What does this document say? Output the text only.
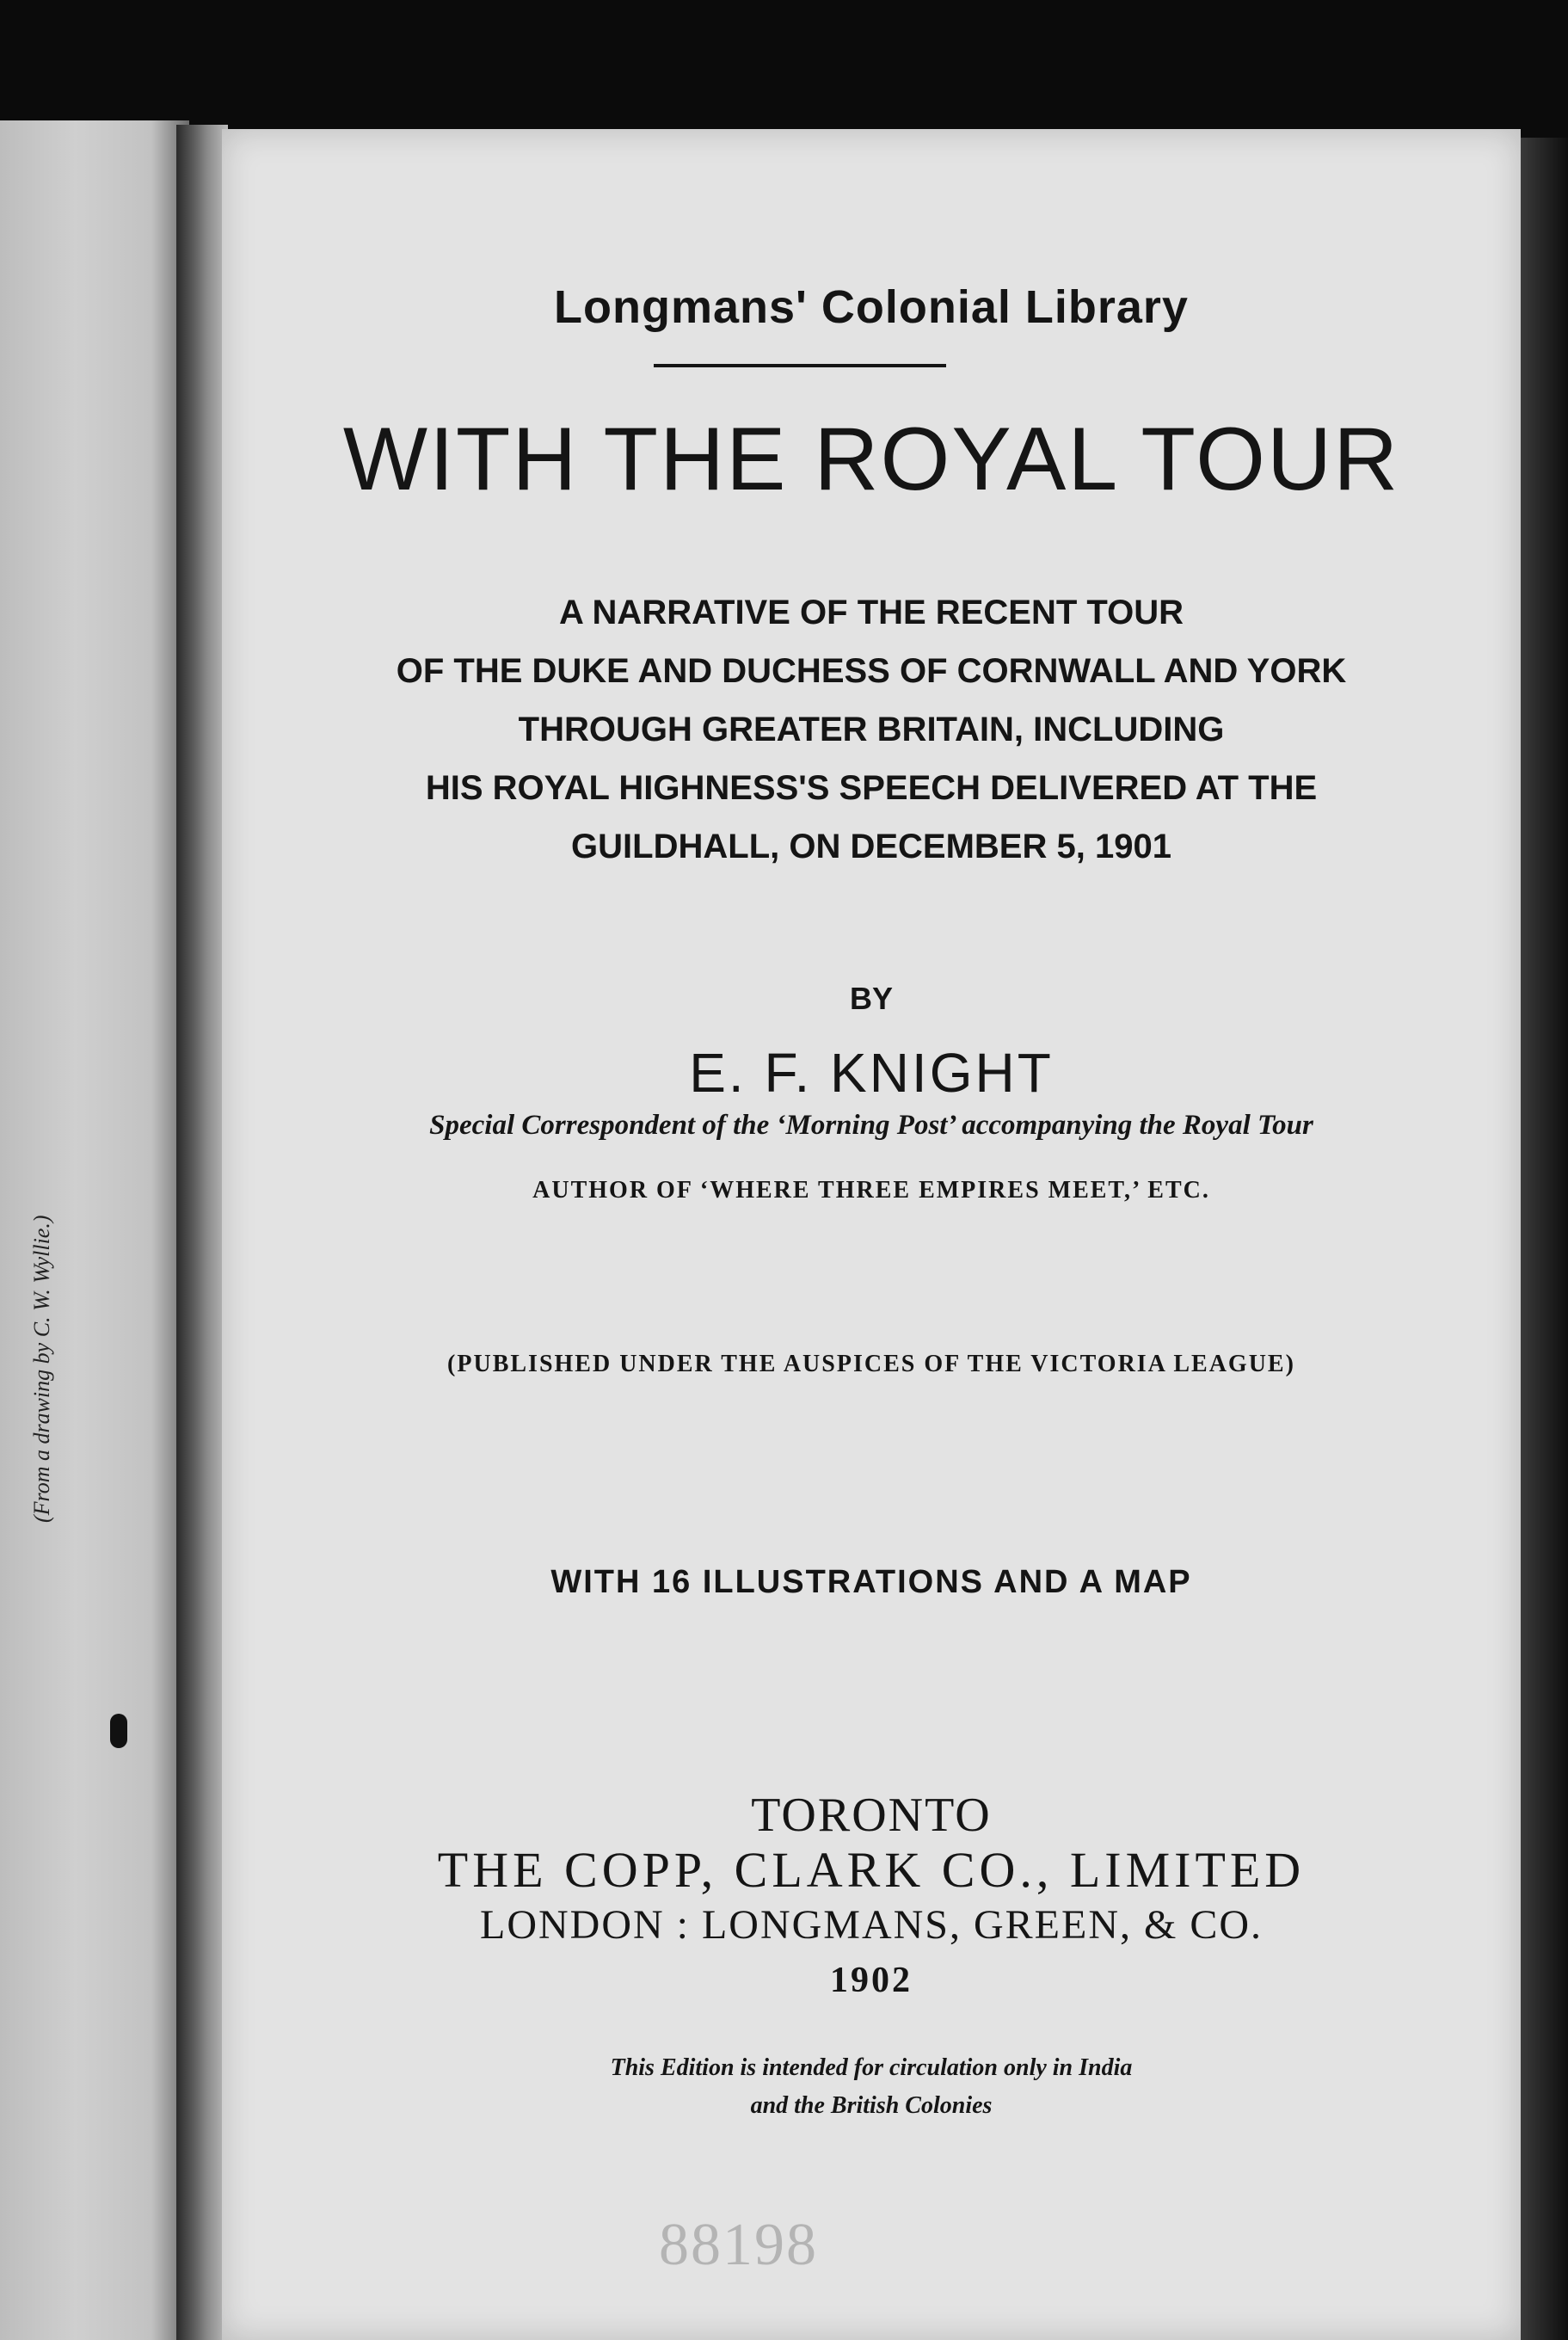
(From a drawing by C. W. Wyllie.)
Longmans' Colonial Library
WITH THE ROYAL TOUR
A NARRATIVE OF THE RECENT TOUR
OF THE DUKE AND DUCHESS OF CORNWALL AND YORK
THROUGH GREATER BRITAIN, INCLUDING
HIS ROYAL HIGHNESS'S SPEECH DELIVERED AT THE
GUILDHALL, ON DECEMBER 5, 1901
BY
E. F. KNIGHT
Special Correspondent of the ‘Morning Post’ accompanying the Royal Tour
AUTHOR OF ‘WHERE THREE EMPIRES MEET,’ ETC.
(PUBLISHED UNDER THE AUSPICES OF THE VICTORIA LEAGUE)
WITH 16 ILLUSTRATIONS AND A MAP
TORONTO
THE COPP, CLARK CO., LIMITED
LONDON : LONGMANS, GREEN, & CO.
1902
This Edition is intended for circulation only in India
and the British Colonies
88198
